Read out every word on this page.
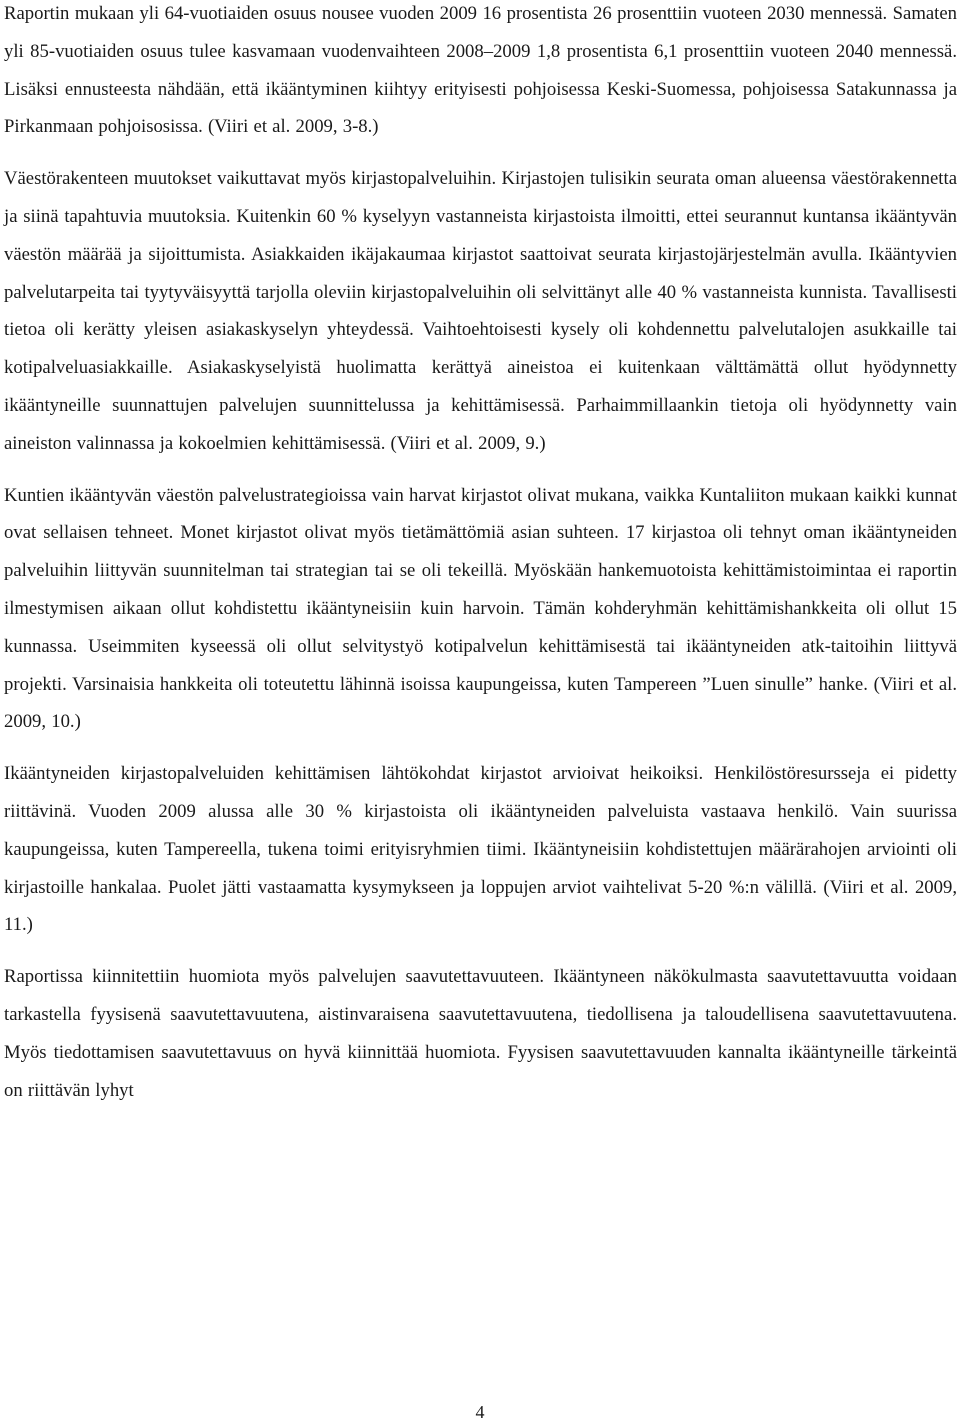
Raportin mukaan yli 64-vuotiaiden osuus nousee vuoden 2009 16 prosentista 26 prosenttiin vuoteen 2030 mennessä. Samaten yli 85-vuotiaiden osuus tulee kasvamaan vuodenvaihteen 2008–2009 1,8 prosentista 6,1 prosenttiin vuoteen 2040 mennessä. Lisäksi ennusteesta nähdään, että ikääntyminen kiihtyy erityisesti pohjoisessa Keski-Suomessa, pohjoisessa Satakunnassa ja Pirkanmaan pohjoisosissa. (Viiri et al. 2009, 3-8.)

Väestörakenteen muutokset vaikuttavat myös kirjastopalveluihin. Kirjastojen tulisikin seurata oman alueensa väestörakennetta ja siinä tapahtuvia muutoksia. Kuitenkin 60 % kyselyyn vastanneista kirjastoista ilmoitti, ettei seurannut kuntansa ikääntyvän väestön määrää ja sijoittumista. Asiakkaiden ikäjakaumaa kirjastot saattoivat seurata kirjastojärjestelmän avulla. Ikääntyvien palvelutarpeita tai tyytyväisyyttä tarjolla oleviin kirjastopalveluihin oli selvittänyt alle 40 % vastanneista kunnista. Tavallisesti tietoa oli kerätty yleisen asiakaskyselyn yhteydessä. Vaihtoehtoisesti kysely oli kohdennettu palvelutalojen asukkaille tai kotipalveluasiakkaille. Asiakaskyselyistä huolimatta kerättyä aineistoa ei kuitenkaan välttämättä ollut hyödynnetty ikääntyneille suunnattujen palvelujen suunnittelussa ja kehittämisessä. Parhaimmillaankin tietoja oli hyödynnetty vain aineiston valinnassa ja kokoelmien kehittämisessä. (Viiri et al. 2009, 9.)

Kuntien ikääntyvän väestön palvelustrategioissa vain harvat kirjastot olivat mukana, vaikka Kuntaliiton mukaan kaikki kunnat ovat sellaisen tehneet. Monet kirjastot olivat myös tietämättömiä asian suhteen. 17 kirjastoa oli tehnyt oman ikääntyneiden palveluihin liittyvän suunnitelman tai strategian tai se oli tekeillä. Myöskään hankemuotoista kehittämistoimintaa ei raportin ilmestymisen aikaan ollut kohdistettu ikääntyneisiin kuin harvoin. Tämän kohderyhmän kehittämishankkeita oli ollut 15 kunnassa. Useimmiten kyseessä oli ollut selvitystyö kotipalvelun kehittämisestä tai ikääntyneiden atk-taitoihin liittyvä projekti. Varsinaisia hankkeita oli toteutettu lähinnä isoissa kaupungeissa, kuten Tampereen ”Luen sinulle” hanke. (Viiri et al. 2009, 10.)

Ikääntyneiden kirjastopalveluiden kehittämisen lähtökohdat kirjastot arvioivat heikoiksi. Henkilöstöresursseja ei pidetty riittävinä. Vuoden 2009 alussa alle 30 % kirjastoista oli ikääntyneiden palveluista vastaava henkilö. Vain suurissa kaupungeissa, kuten Tampereella, tukena toimi erityisryhmien tiimi. Ikääntyneisiin kohdistettujen määrärahojen arviointi oli kirjastoille hankalaa. Puolet jätti vastaamatta kysymykseen ja loppujen arviot vaihtelivat 5-20 %:n välillä. (Viiri et al. 2009, 11.)

Raportissa kiinnitettiin huomiota myös palvelujen saavutettavuuteen. Ikääntyneen näkökulmasta saavutettavuutta voidaan tarkastella fyysisenä saavutettavuutena, aistinvaraisena saavutettavuutena, tiedollisena ja taloudellisena saavutettavuutena. Myös tiedottamisen saavutettavuus on hyvä kiinnittää huomiota. Fyysisen saavutettavuuden kannalta ikääntyneille tärkeintä on riittävän lyhyt

4
